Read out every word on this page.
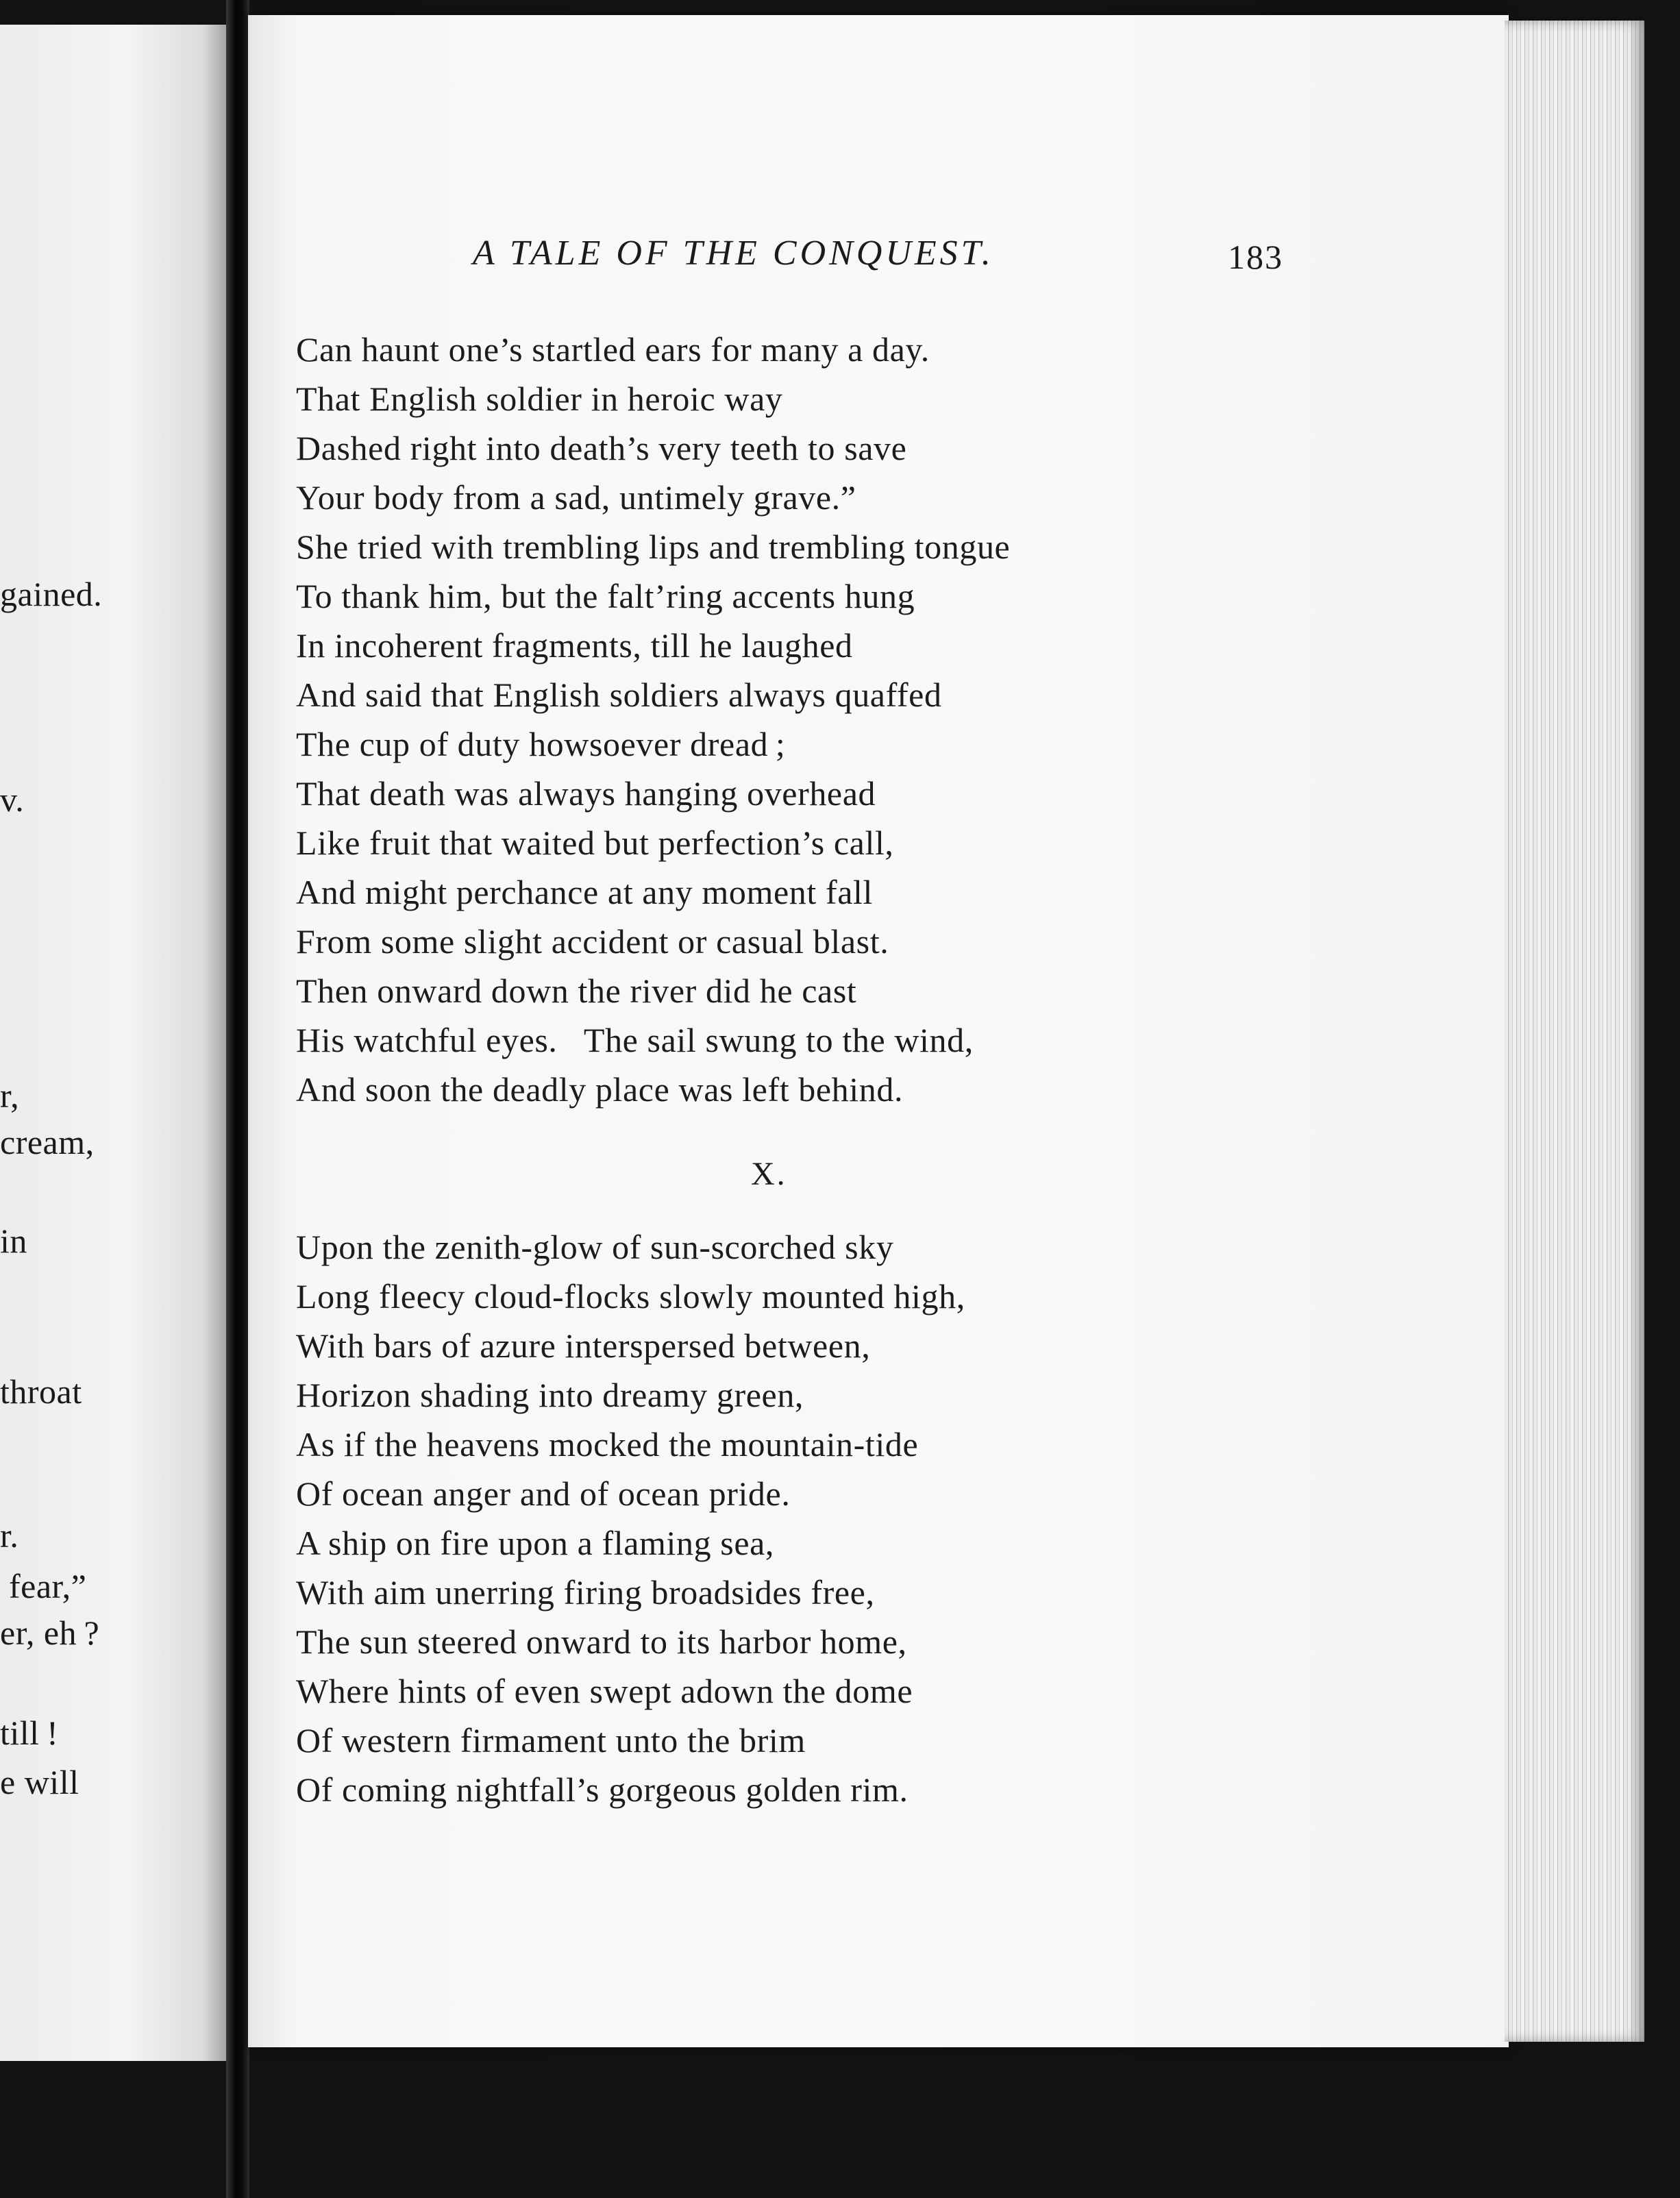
gained.
v.
r,
cream,
in
throat
r.
fear,”
er, eh ?
till !
e will
A TALE OF THE CONQUEST.	183
Can haunt one’s startled ears for many a day.
That English soldier in heroic way
Dashed right into death’s very teeth to save
Your body from a sad, untimely grave.”
She tried with trembling lips and trembling tongue
To thank him, but the falt’ring accents hung
In incoherent fragments, till he laughed
And said that English soldiers always quaffed
The cup of duty howsoever dread ;
That death was always hanging overhead
Like fruit that waited but perfection’s call,
And might perchance at any moment fall
From some slight accident or casual blast.
Then onward down the river did he cast
His watchful eyes.   The sail swung to the wind,
And soon the deadly place was left behind.
X.
Upon the zenith-glow of sun-scorched sky
Long fleecy cloud-flocks slowly mounted high,
With bars of azure interspersed between,
Horizon shading into dreamy green,
As if the heavens mocked the mountain-tide
Of ocean anger and of ocean pride.
A ship on fire upon a flaming sea,
With aim unerring firing broadsides free,
The sun steered onward to its harbor home,
Where hints of even swept adown the dome
Of western firmament unto the brim
Of coming nightfall’s gorgeous golden rim.
